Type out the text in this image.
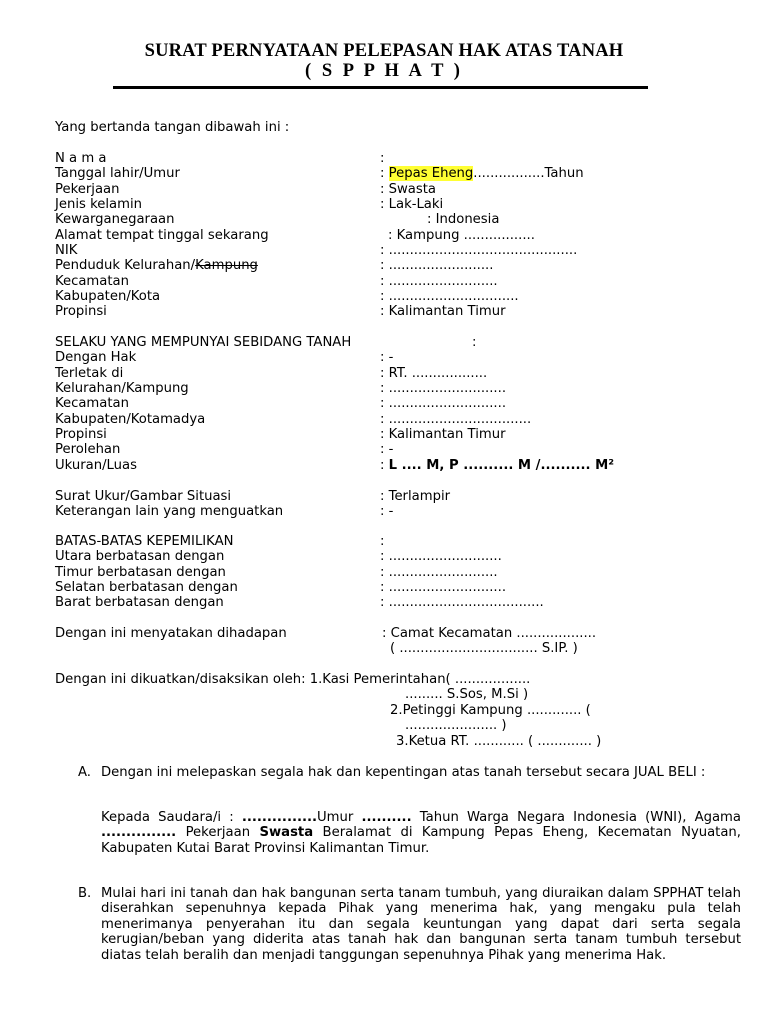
SURAT PERNYATAAN PELEPASAN HAK ATAS TANAH
( S P P H A T )
Yang bertanda tangan dibawah ini :
N a m a	:
Tanggal lahir/Umur	: Pepas Eheng.................Tahun
Pekerjaan	: Swasta
Jenis kelamin	: Lak-Laki
Kewarganegaraan	: Indonesia
Alamat tempat tinggal sekarang	: Kampung .................
NIK	: .............................................
Penduduk Kelurahan/Kampung	: .........................
Kecamatan	: ..........................
Kabupaten/Kota	: ...............................
Propinsi	: Kalimantan Timur
SELAKU YANG MEMPUNYAI SEBIDANG TANAH	:
Dengan Hak	: -
Terletak di	: RT. ..................
Kelurahan/Kampung	: ............................
Kecamatan	: ............................
Kabupaten/Kotamadya	: ..................................
Propinsi	: Kalimantan Timur
Perolehan	: -
Ukuran/Luas	: L .... M, P .......... M /.......... M²
Surat Ukur/Gambar Situasi	: Terlampir
Keterangan lain yang menguatkan	: -
BATAS-BATAS KEPEMILIKAN	:
Utara berbatasan dengan	: ...........................
Timur berbatasan dengan	: ..........................
Selatan berbatasan dengan	: ............................
Barat berbatasan dengan	: .....................................
Dengan ini menyatakan dihadapan	: Camat Kecamatan ...................
( ................................. S.IP. )
Dengan ini dikuatkan/disaksikan oleh: 1.Kasi Pemerintahan( ..................
......... S.Sos, M.Si )
2.Petinggi Kampung ............. (
...................... )
3.Ketua RT. ............ ( ............. )
A. Dengan ini melepaskan segala hak dan kepentingan atas tanah tersebut secara JUAL BELI :
Kepada Saudara/i : ...............Umur .......... Tahun Warga Negara Indonesia (WNI), Agama ............... Pekerjaan Swasta Beralamat di Kampung Pepas Eheng, Kecematan Nyuatan, Kabupaten Kutai Barat Provinsi Kalimantan Timur.
B. Mulai hari ini tanah dan hak bangunan serta tanam tumbuh, yang diuraikan dalam SPPHAT telah diserahkan sepenuhnya kepada Pihak yang menerima hak, yang mengaku pula telah menerimanya penyerahan itu dan segala keuntungan yang dapat dari serta segala kerugian/beban yang diderita atas tanah hak dan bangunan serta tanam tumbuh tersebut diatas telah beralih dan menjadi tanggungan sepenuhnya Pihak yang menerima Hak.
